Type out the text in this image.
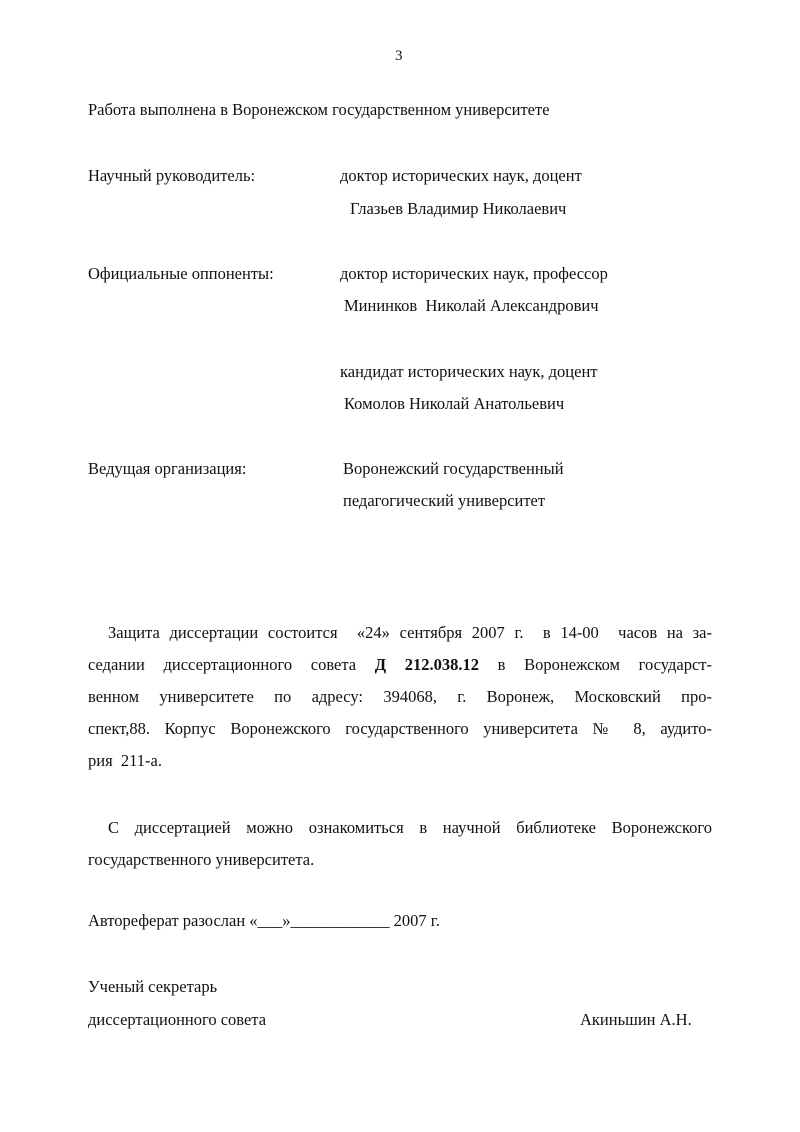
3
Работа выполнена в Воронежском государственном университете
Научный руководитель:	доктор исторических наук, доцент
Глазьев Владимир Николаевич
Официальные оппоненты:	доктор исторических наук, профессор
Мининков  Николай Александрович
кандидат исторических наук, доцент
Комолов Николай Анатольевич
Ведущая организация:	Воронежский государственный
педагогический университет
Защита диссертации состоится  «24» сентября 2007 г.  в 14-00  часов на за-
седании диссертационного совета Д 212.038.12 в Воронежском государст-
венном университете по адресу: 394068, г. Воронеж, Московский про-
спект,88. Корпус Воронежского государственного университета № 8, аудито-
рия  211-а.
С диссертацией можно ознакомиться в научной библиотеке Воронежского
государственного университета.
Автореферат разослан «___»____________ 2007 г.
Ученый секретарь
диссертационного совета	Акиньшин А.Н.
